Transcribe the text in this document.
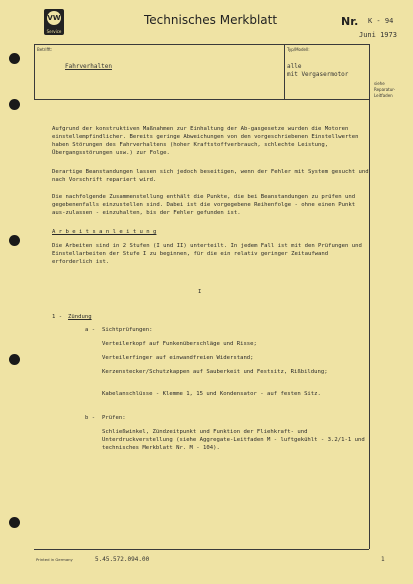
VW
Service
Technisches Merkblatt	Nr. K - 94
Juni 1973
Betrifft:
Fahrverhalten
Typ/Modell:
alle
mit Vergasermotor
siehe
Reparatur-
Leitfaden

Aufgrund der konstruktiven Maßnahmen zur Einhaltung der Ab-gasgesetze wurden die Motoren einstellempfindlicher. Bereits geringe Abweichungen von den vorgeschriebenen Einstellwerten haben Störungen des Fahrverhaltens (hoher Kraftstoffverbrauch, schlechte Leistung, Übergangsstörungen usw.) zur Folge.

Derartige Beanstandungen lassen sich jedoch beseitigen, wenn der Fehler mit System gesucht und nach Vorschrift repariert wird.

Die nachfolgende Zusammenstellung enthält die Punkte, die bei Beanstandungen zu prüfen und gegebenenfalls einzustellen sind. Dabei ist die vorgegebene Reihenfolge - ohne einen Punkt aus-zulassen - einzuhalten, bis der Fehler gefunden ist.

A r b e i t s a n l e i t u n g

Die Arbeiten sind in 2 Stufen (I und II) unterteilt. In jedem Fall ist mit den Prüfungen und Einstellarbeiten der Stufe I zu beginnen, für die ein relativ geringer Zeitaufwand erforderlich ist.

I
1 - Zündung
a - Sichtprüfungen:
Verteilerkopf auf Funkenüberschläge und Risse;
Verteilerfinger auf einwandfreien Widerstand;

Kerzenstecker/Schutzkappen auf Sauberkeit und Festsitz, Rißbildung;

Kabelanschlüsse - Klemme 1, 15 und Kondensator - auf festen Sitz.

b - Prüfen:

Schließwinkel, Zündzeitpunkt und Funktion der Fliehkraft- und Unterdruckverstellung (siehe Aggregate-Leitfaden M - luftgekühlt - 3.2/1-1 und technisches Merkblatt Nr. M - 104).

Printed in Germany	5.45.572.094.00	1
